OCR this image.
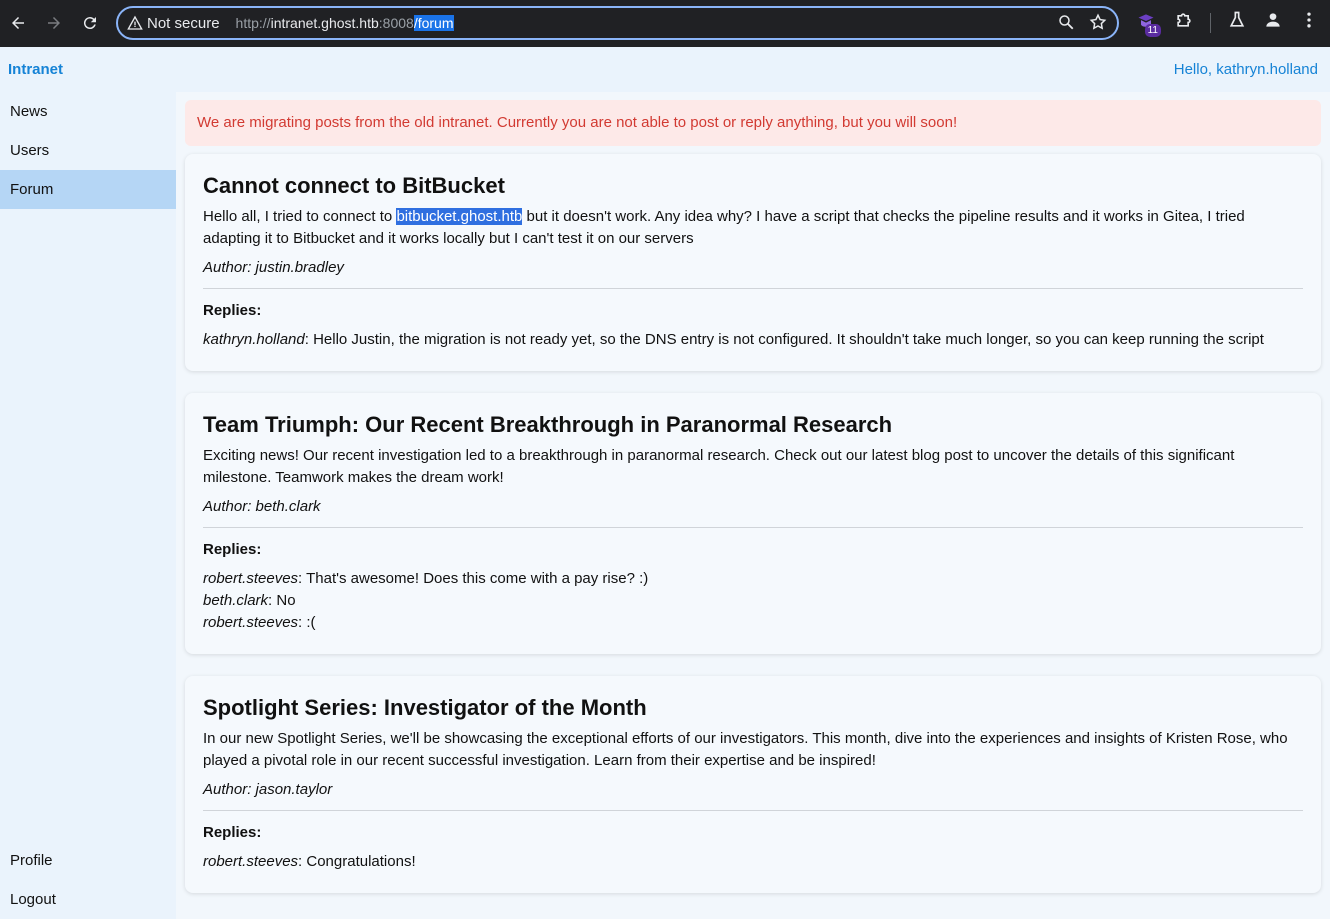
Not secure http:// intranet.ghost.htb :8008 /forum	11
Intranet	Hello, kathryn.holland
News
Users
Forum
Profile
Logout
We are migrating posts from the old intranet. Currently you are not able to post or reply anything, but you will soon!
Cannot connect to BitBucket

Hello all, I tried to connect to bitbucket.ghost.htb but it doesn't work. Any idea why? I have a script that checks the pipeline results and it works in Gitea, I tried adapting it to Bitbucket and it works locally but I can't test it on our servers

Author: justin.bradley

Replies:

kathryn.holland: Hello Justin, the migration is not ready yet, so the DNS entry is not configured. It shouldn't take much longer, so you can keep running the script
Team Triumph: Our Recent Breakthrough in Paranormal Research

Exciting news! Our recent investigation led to a breakthrough in paranormal research. Check out our latest blog post to uncover the details of this significant milestone. Teamwork makes the dream work!

Author: beth.clark

Replies:

robert.steeves: That's awesome! Does this come with a pay rise? :)
beth.clark: No
robert.steeves: :(
Spotlight Series: Investigator of the Month

In our new Spotlight Series, we'll be showcasing the exceptional efforts of our investigators. This month, dive into the experiences and insights of Kristen Rose, who played a pivotal role in our recent successful investigation. Learn from their expertise and be inspired!

Author: jason.taylor

Replies:

robert.steeves: Congratulations!
